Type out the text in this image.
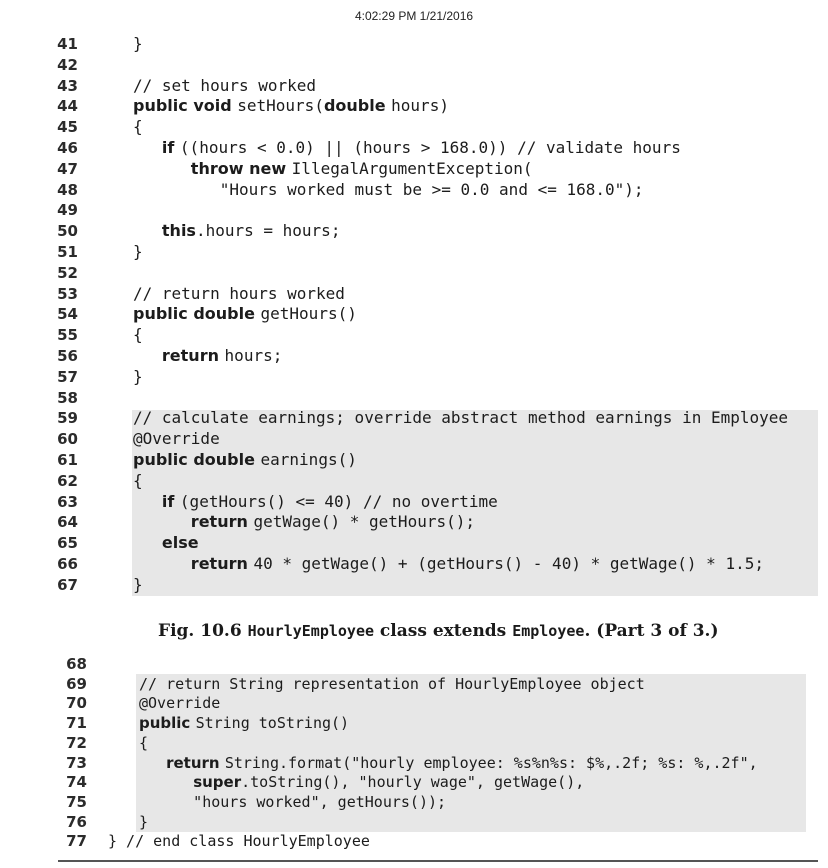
4:02:29 PM 1/21/2016
41	}
42
43	// set hours worked
44	public void setHours(double hours)
45	{
46	if ((hours < 0.0) || (hours > 168.0)) // validate hours
47	throw new IllegalArgumentException(
48	"Hours worked must be >= 0.0 and <= 168.0");
49
50	this.hours = hours;
51	}
52
53	// return hours worked
54	public double getHours()
55	{
56	return hours;
57	}
58
59	// calculate earnings; override abstract method earnings in Employee
60	@Override
61	public double earnings()
62	{
63	if (getHours() <= 40) // no overtime
64	return getWage() * getHours();
65	else
66	return 40 * getWage() + (getHours() - 40) * getWage() * 1.5;
67	}
Fig. 10.6 HourlyEmployee class extends Employee. (Part 3 of 3.)
68
69	// return String representation of HourlyEmployee object
70	@Override
71	public String toString()
72	{
73	return String.format("hourly employee: %s%n%s: $%,.2f; %s: %,.2f",
74	super.toString(), "hourly wage", getWage(),
75	"hours worked", getHours());
76	}
77 } // end class HourlyEmployee
